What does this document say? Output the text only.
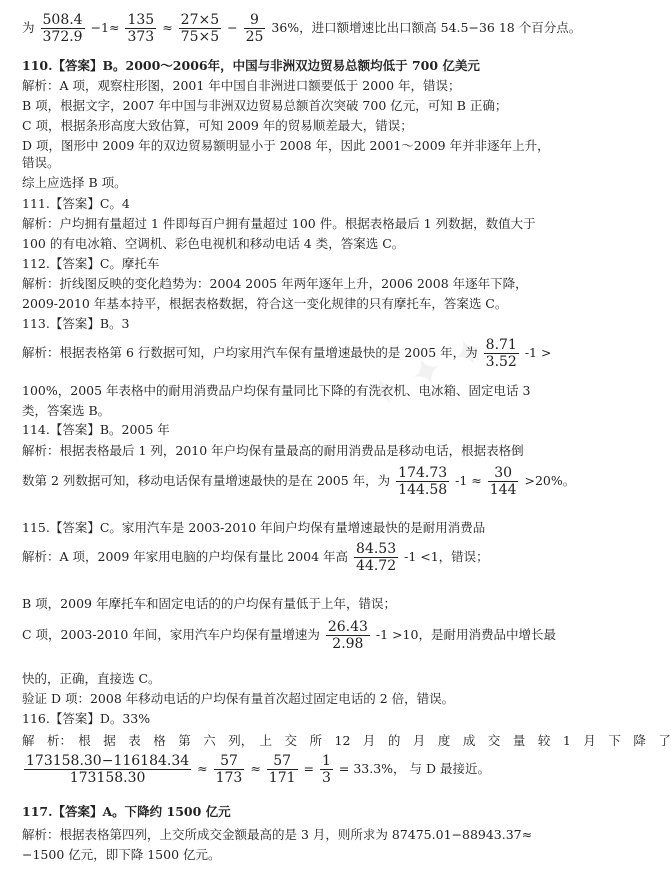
✦ ✦ ✦
为 $\frac{508.4}{372.9} -1\approx \frac{135}{373} \approx \frac{27\times 5}{75\times 5} - \frac{9}{25} 36\%$，进口额增速比出口额高 54.5−36 18 个百分点。
110.【答案】B。2000～2006年，中国与非洲双边贸易总额均低于 700 亿美元
解析：A 项，观察柱形图，2001 年中国自非洲进口额要低于 2000 年，错误；
B 项，根据文字，2007 年中国与非洲双边贸易总额首次突破 700 亿元，可知 B 正确；
C 项，根据条形高度大致估算，可知 2009 年的贸易顺差最大，错误；
D 项，图形中 2009 年的双边贸易额明显小于 2008 年，因此 2001～2009 年并非逐年上升，
错误。
综上应选择 B 项。
111.【答案】C。4
解析：户均拥有量超过 1 件即每百户拥有量超过 100 件。根据表格最后 1 列数据，数值大于
100 的有电冰箱、空调机、彩色电视机和移动电话 4 类，答案选 C。
112.【答案】C。摩托车
解析：折线图反映的变化趋势为：2004 2005 年两年逐年上升，2006 2008 年逐年下降，
2009-2010 年基本持平，根据表格数据，符合这一变化规律的只有摩托车，答案选 C。
113.【答案】B。3
解析：根据表格第 6 行数据可知，户均家用汽车保有量增速最快的是 2005 年，为 $\frac{8.71}{3.52} -1$ >
100%，2005 年表格中的耐用消费品户均保有量同比下降的有洗衣机、电冰箱、固定电话 3
类，答案选 B。
114.【答案】B。2005 年
解析：根据表格最后 1 列，2010 年户均保有量最高的耐用消费品是移动电话，根据表格倒
数第 2 列数据可知，移动电话保有量增速最快的是在 2005 年，为 $\frac{174.73}{144.58} -1 \approx \frac{30}{144} >20\%$。
115.【答案】C。家用汽车是 2003-2010 年间户均保有量增速最快的是耐用消费品
解析：A 项，2009 年家用电脑的户均保有量比 2004 年高 $\frac{84.53}{44.72} -1 <1$，错误；
B 项，2009 年摩托车和固定电话的的户均保有量低于上年，错误；
C 项，2003-2010 年间，家用汽车户均保有量增速为 $\frac{26.43}{2.98} -1 >10$，是耐用消费品中增长最
快的，正确，直接选 C。
验证 D 项：2008 年移动电话的户均保有量首次超过固定电话的 2 倍，错误。
116.【答案】D。33%
解　析：　根　据　表　格　第　六　列，　上　交　所　12　月　的　月　度　成　交　量　较　1　月　下　降　了
$\frac{173158.30-116184.34}{173158.30} \approx \frac{57}{173} \approx \frac{57}{171} = \frac{1}{3} = 33.3\%$， 与 D 最接近。
117.【答案】A。下降约 1500 亿元
解析：根据表格第四列，上交所成交金额最高的是 3 月，则所求为 87475.01−88943.37≈
−1500 亿元，即下降 1500 亿元。
